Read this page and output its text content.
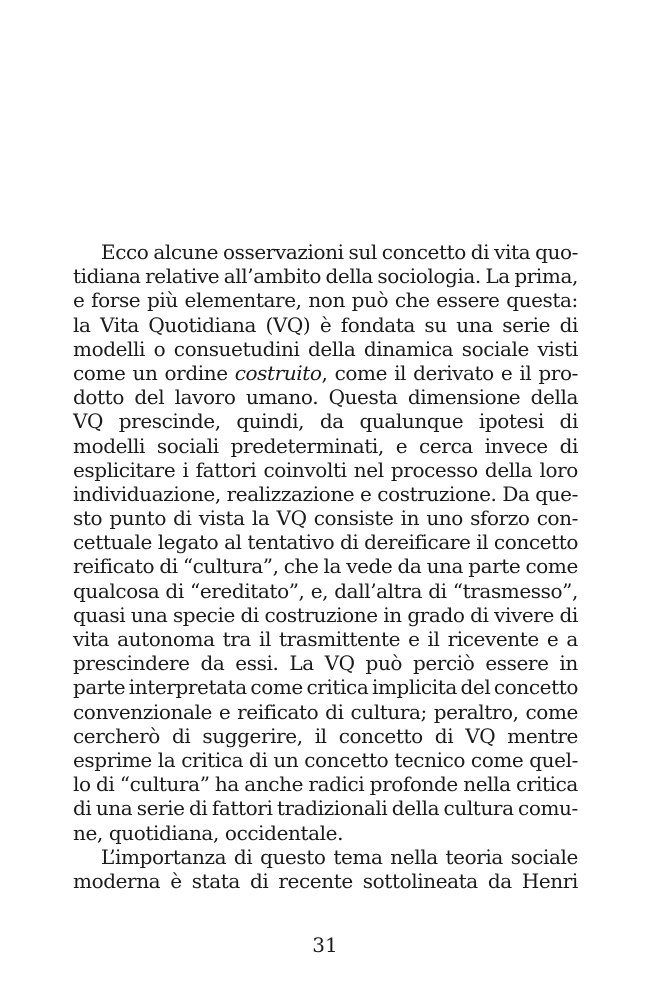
Ecco alcune osservazioni sul concetto di vita quo-
tidiana relative all’ambito della sociologia. La prima,
e forse più elementare, non può che essere questa:
la Vita Quotidiana (VQ) è fondata su una serie di
modelli o consuetudini della dinamica sociale visti
come un ordine costruito, come il derivato e il pro-
dotto del lavoro umano. Questa dimensione della
VQ prescinde, quindi, da qualunque ipotesi di
modelli sociali predeterminati, e cerca invece di
esplicitare i fattori coinvolti nel processo della loro
individuazione, realizzazione e costruzione. Da que-
sto punto di vista la VQ consiste in uno sforzo con-
cettuale legato al tentativo di dereificare il concetto
reificato di “cultura”, che la vede da una parte come
qualcosa di “ereditato”, e, dall’altra di “trasmesso”,
quasi una specie di costruzione in grado di vivere di
vita autonoma tra il trasmittente e il ricevente e a
prescindere da essi. La VQ può perciò essere in
parte interpretata come critica implicita del concetto
convenzionale e reificato di cultura; peraltro, come
cercherò di suggerire, il concetto di VQ mentre
esprime la critica di un concetto tecnico come quel-
lo di “cultura” ha anche radici profonde nella critica
di una serie di fattori tradizionali della cultura comu-
ne, quotidiana, occidentale.
L’importanza di questo tema nella teoria sociale
moderna è stata di recente sottolineata da Henri
31
